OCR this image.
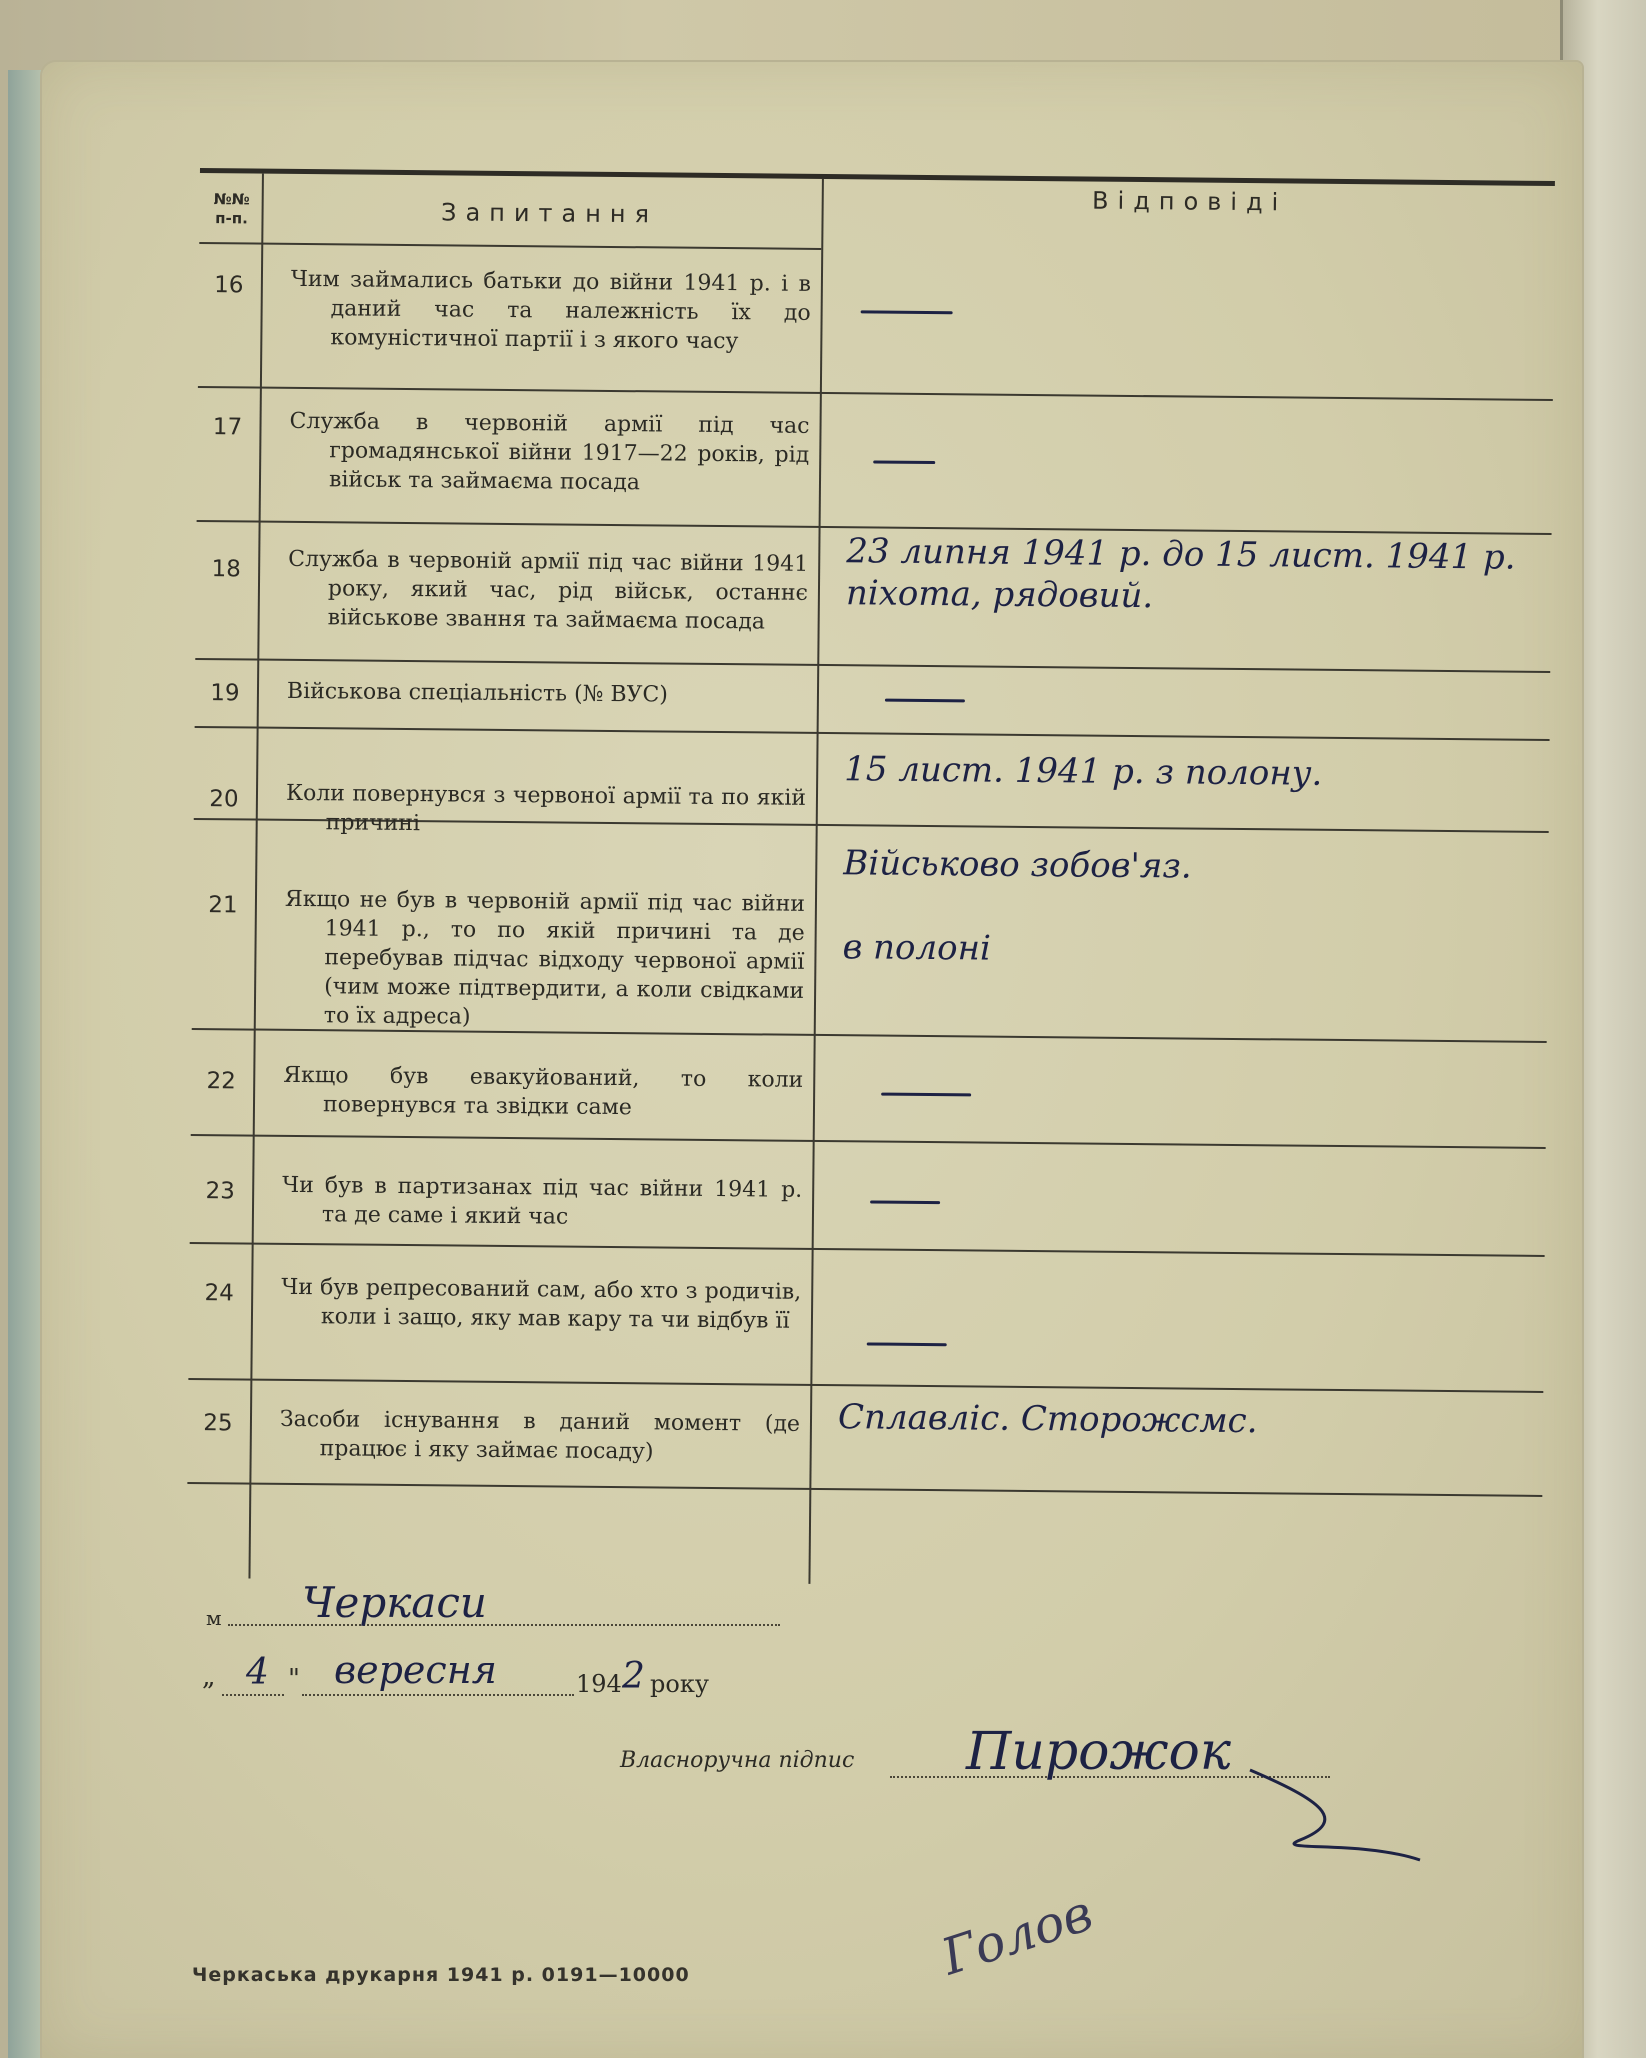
№№
п-п.	Запитання	Відповіді
16	Чим займались батьки до війни 1941 р. і в даний час та належність їх до комуністичної партії і з якого часу
17	Служба в червоній армії під час громадянської війни 1917—22 років, рід військ та займаєма посада
18	Служба в червоній армії під час війни 1941 року, який час, рід військ, останнє військове звання та займаєма посада
23 липня 1941 р. до 15 лист. 1941 р.
піхота, рядовий.
19	Військова спеціальність (№ ВУС)
20	Коли повернувся з червоної армії та по якій причині
15 лист. 1941 р. з полону.
21	Якщо не був в червоній армії під час війни 1941 р., то по якій причині та де перебував підчас відходу червоної армії (чим може підтвердити, а коли свідками то їх адреса)
Військово зобов'яз.

в полоні
22	Якщо був евакуйований, то коли повернувся та звідки саме
23	Чи був в партизанах під час війни 1941 р. та де саме і який час
24	Чи був репресований сам, або хто з родичів, коли і защо, яку мав кару та чи відбув її
25	Засоби існування в даний момент (де працює і яку займає посаду)
Сплавліс. Сторожсмс.
м Черкаси
„ 4 " вересня	194 2 року
Власноручна підпис Пирожок
Голов
Черкаська друкарня 1941 р. 0191—10000
